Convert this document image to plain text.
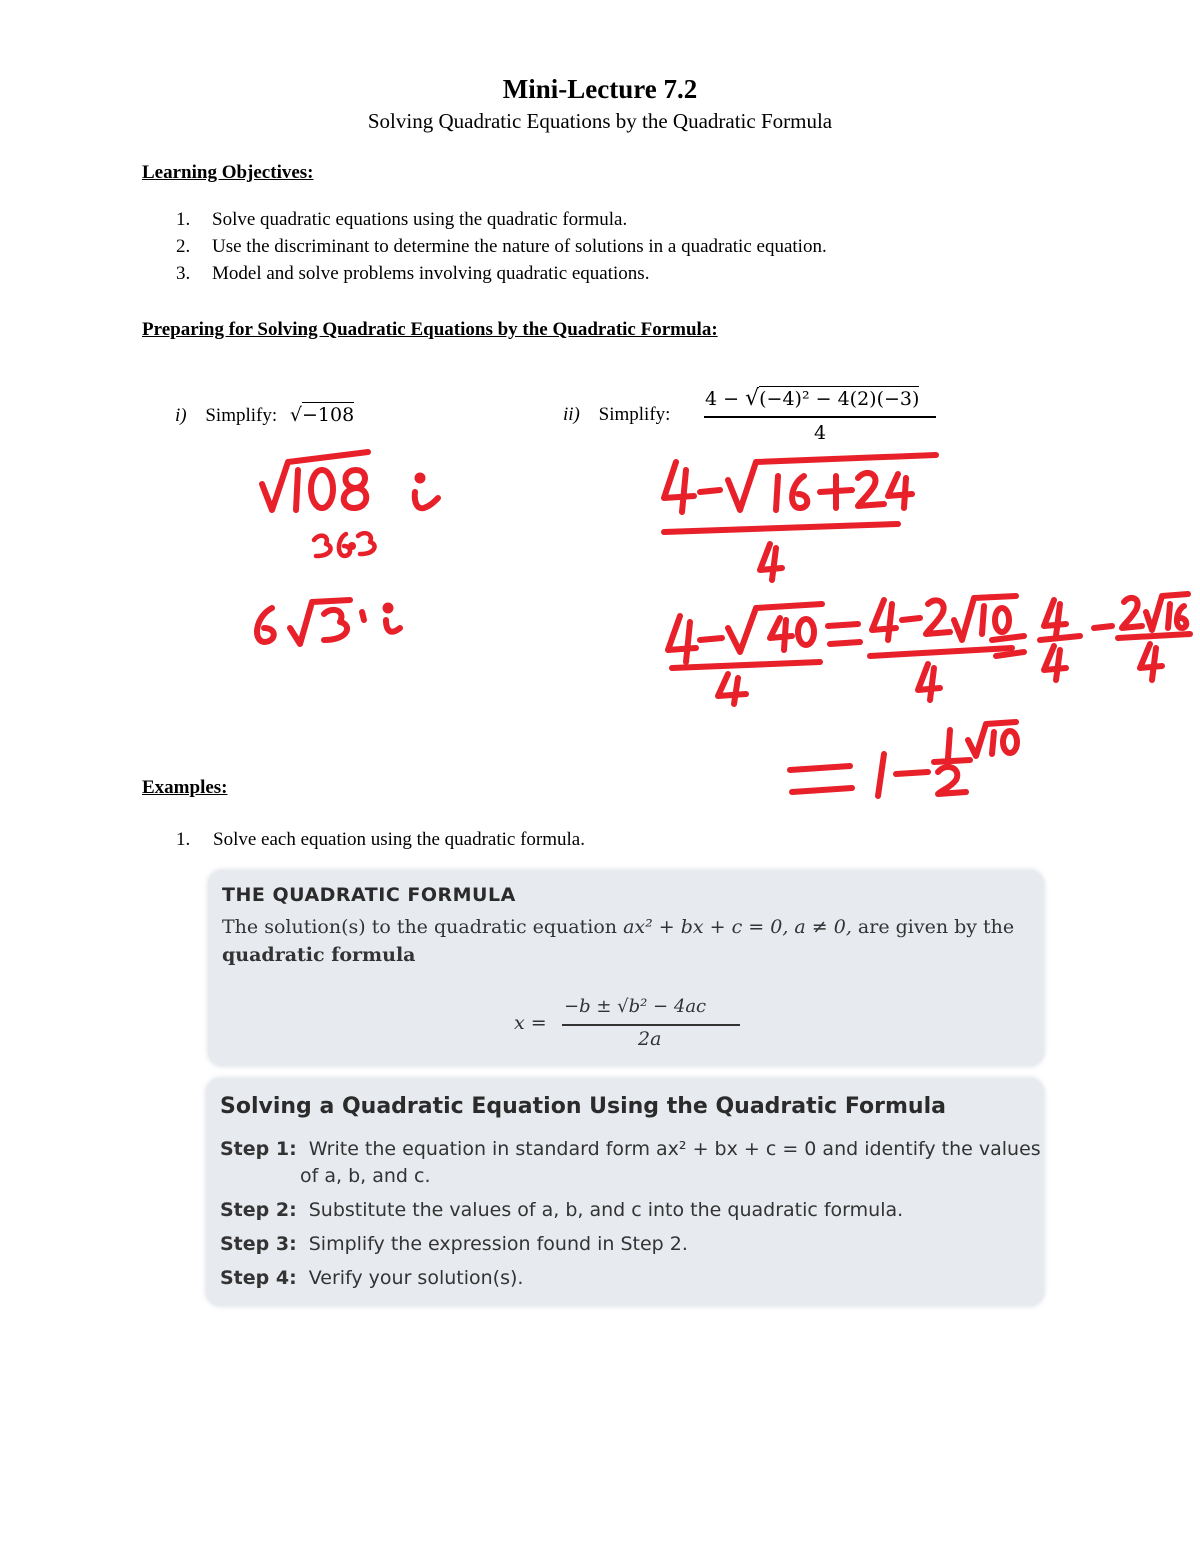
Mini-Lecture 7.2
Solving Quadratic Equations by the Quadratic Formula
Learning Objectives:
1. Solve quadratic equations using the quadratic formula.
2. Use the discriminant to determine the nature of solutions in a quadratic equation.
3. Model and solve problems involving quadratic equations.
Preparing for Solving Quadratic Equations by the Quadratic Formula:
i) Simplify: √−108	ii) Simplify:
4 − √(−4)² − 4(2)(−3)
4
Examples:
1. Solve each equation using the quadratic formula.
THE QUADRATIC FORMULA
The solution(s) to the quadratic equation ax² + bx + c = 0, a ≠ 0, are given by the
quadratic formula
x =
−b ± √b² − 4ac
2a
Solving a Quadratic Equation Using the Quadratic Formula
Step 1: Write the equation in standard form ax² + bx + c = 0 and identify the values
of a, b, and c.
Step 2: Substitute the values of a, b, and c into the quadratic formula.
Step 3: Simplify the expression found in Step 2.
Step 4: Verify your solution(s).
